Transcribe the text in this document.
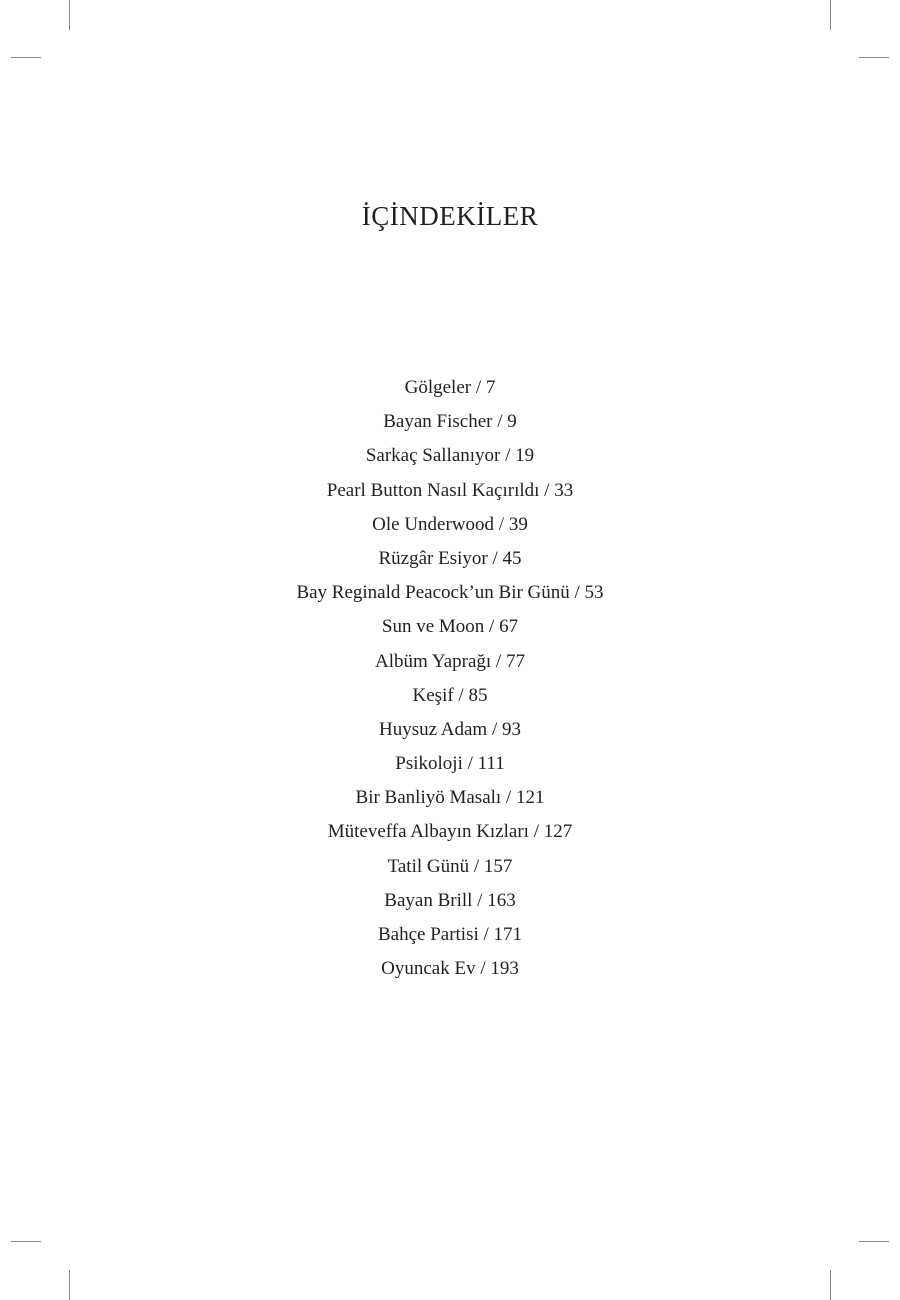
İÇİNDEKİLER
Gölgeler / 7
Bayan Fischer / 9
Sarkaç Sallanıyor / 19
Pearl Button Nasıl Kaçırıldı / 33
Ole Underwood / 39
Rüzgâr Esiyor / 45
Bay Reginald Peacock’un Bir Günü / 53
Sun ve Moon / 67
Albüm Yaprağı / 77
Keşif / 85
Huysuz Adam / 93
Psikoloji / 111
Bir Banliyö Masalı / 121
Müteveffa Albayın Kızları / 127
Tatil Günü / 157
Bayan Brill / 163
Bahçe Partisi / 171
Oyuncak Ev / 193
